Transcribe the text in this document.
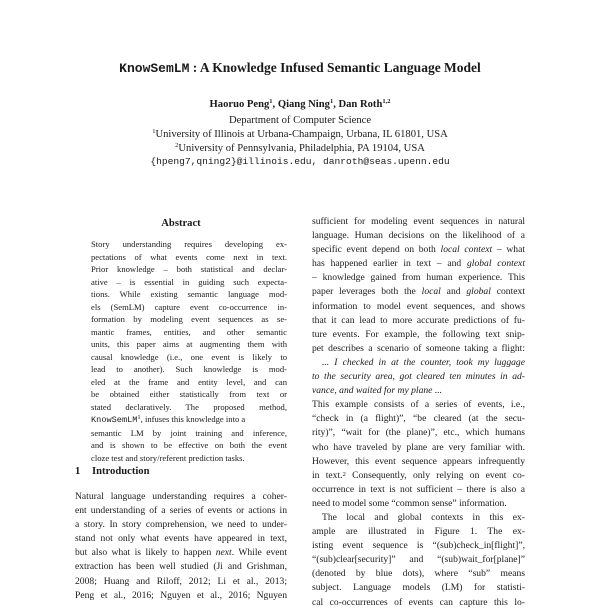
KnowSemLM : A Knowledge Infused Semantic Language Model
Haoruo Peng$^1$, Qiang Ning$^1$, Dan Roth$^{1,2}$
Department of Computer Science
$^1$University of Illinois at Urbana-Champaign, Urbana, IL 61801, USA
$^2$University of Pennsylvania, Philadelphia, PA 19104, USA
{hpeng7,qning2}@illinois.edu, danroth@seas.upenn.edu
Abstract
Story understanding requires developing ex-
pectations of what events come next in text.
Prior knowledge – both statistical and declar-
ative – is essential in guiding such expecta-
tions. While existing semantic language mod-
els (SemLM) capture event co-occurrence in-
formation by modeling event sequences as se-
mantic frames, entities, and other semantic
units, this paper aims at augmenting them with
causal knowledge (i.e., one event is likely to
lead to another). Such knowledge is mod-
eled at the frame and entity level, and can
be obtained either statistically from text or
stated declaratively. The proposed method,
KnowSemLM$^1$, infuses this knowledge into a
semantic LM by joint training and inference,
and is shown to be effective on both the event
cloze test and story/referent prediction tasks.
1 Introduction
Natural language understanding requires a coher-
ent understanding of a series of events or actions in
a story. In story comprehension, we need to under-
stand not only what events have appeared in text,
but also what is likely to happen next. While event
extraction has been well studied (Ji and Grishman,
2008; Huang and Riloff, 2012; Li et al., 2013;
Peng et al., 2016; Nguyen et al., 2016; Nguyen
sufficient for modeling event sequences in natural
language. Human decisions on the likelihood of a
specific event depend on both local context – what
has happened earlier in text – and global context
– knowledge gained from human experience. This
paper leverages both the local and global context
information to model event sequences, and shows
that it can lead to more accurate predictions of fu-
ture events. For example, the following text snip-
pet describes a scenario of someone taking a flight:
... I checked in at the counter, took my luggage
to the security area, got cleared ten minutes in ad-
vance, and waited for my plane ...
This example consists of a series of events, i.e.,
“check in (a flight)”, “be cleared (at the secu-
rity)”, “wait for (the plane)”, etc., which humans
who have traveled by plane are very familiar with.
However, this event sequence appears infrequently
in text.$^2$ Consequently, only relying on event co-
occurrence in text is not sufficient – there is also a
need to model some “common sense” information.
The local and global contexts in this ex-
ample are illustrated in Figure 1. The ex-
isting event sequence is “(sub)check_in[flight]”,
“(sub)clear[security]” and “(sub)wait_for[plane]”
(denoted by blue dots), where “sub” means
subject. Language models (LM) for statisti-
cal co-occurrences of events can capture this lo-
